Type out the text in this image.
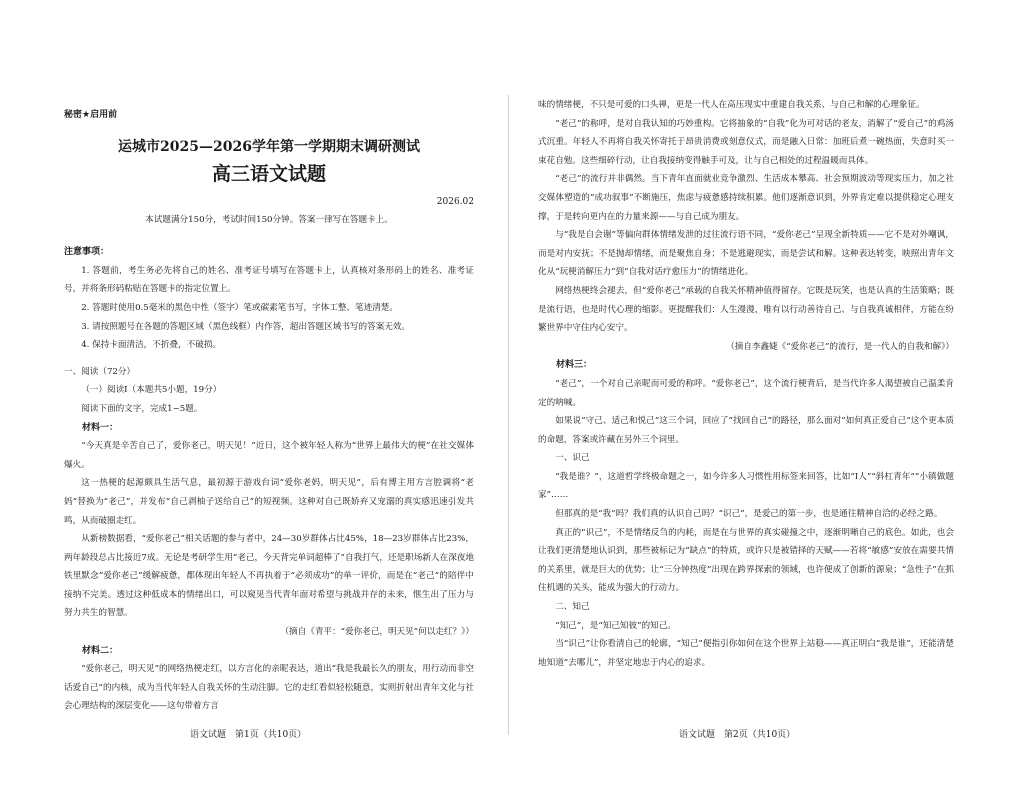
秘密★启用前
运城市2025—2026学年第一学期期末调研测试
高三语文试题
2026.02
本试题满分150分，考试时间150分钟。答案一律写在答题卡上。
注意事项：

1. 答题前，考生务必先将自己的姓名、准考证号填写在答题卡上，认真核对条形码上的姓名、准考证号，并将条形码粘贴在答题卡的指定位置上。

2. 答题时使用0.5毫米的黑色中性（签字）笔或碳素笔书写，字体工整、笔迹清楚。

3. 请按照题号在各题的答题区域（黑色线框）内作答，超出答题区域书写的答案无效。

4. 保持卡面清洁，不折叠，不破损。

一、阅读（72分）

（一）阅读Ⅰ（本题共5小题，19分）

阅读下面的文字，完成1~5题。

材料一：

“今天真是辛苦自己了，爱你老己，明天见！”近日，这个被年轻人称为“世界上最伟大的梗”在社交媒体爆火。

这一热梗的起源颇具生活气息，最初源于游戏台词“爱你老妈，明天见”，后有博主用方言腔调将“老妈”替换为“老己”，并发布“自己剥柚子送给自己”的短视频。这种对自己既娇弃又宠溺的真实感迅速引发共鸣，从而破圈走红。

从新榜数据看，“爱你老己”相关话题的参与者中，24—30岁群体占比45%，18—23岁群体占比23%，两年龄段总占比接近7成。无论是考研学生用“老己，今天背完单词超棒了”自我打气，还是职场新人在深夜地铁里默念“爱你老己”缓解疲惫，都体现出年轻人不再执着于“必须成功”的单一评价，而是在“老己”的陪伴中接纳不完美。透过这种低成本的情绪出口，可以窥见当代青年面对希望与挑战并存的未来，惬生出了压力与努力共生的智慧。

（摘自《青平：“爱你老己，明天见”何以走红？》）

材料二：

“爱你老己，明天见”的网络热梗走红，以方言化的亲昵表达，道出“我是我最长久的朋友，用行动而非空话爱自己”的内核，成为当代年轻人自我关怀的生动注脚。它的走红看似轻松随意，实则折射出青年文化与社会心理结构的深层变化——这句带着方言

语文试题　第1页（共10页）

味的情绪梗，不只是可爱的口头禅，更是一代人在高压现实中重建自我关系、与自己和解的心理象征。

“老己”的称呼，是对自我认知的巧妙重构。它将抽象的“自我”化为可对话的老友，消解了“爱自己”的鸡汤式沉重。年轻人不再将自我关怀寄托于昂贵消费或刻意仪式，而是融入日常：加班后煮一碗热面，失意时买一束花自勉。这些细碎行动，让自我接纳变得触手可及，让与自己相处的过程温暖而具体。

“老己”的流行并非偶然。当下青年直面就业竞争激烈、生活成本攀高、社会预期波动等现实压力，加之社交媒体塑造的“成功叙事”不断施压，焦虑与疲惫感持续积累。他们逐渐意识到，外界肯定难以提供稳定心理支撑，于是转向更内在的力量来源——与自己成为朋友。

与“我是自会谢”等偏向群体情绪发泄的过往流行语不同，“爱你老己”呈现全新特质——它不是对外嘲讽，而是对内安抚；不是抛却情绪，而是聚焦自身；不是逃避现实，而是尝试和解。这种表达转变，映照出青年文化从“玩梗消解压力”到“自我对话疗愈压力”的情绪进化。

网络热梗终会褪去，但“爱你老己”承载的自我关怀精神值得留存。它既是玩笑，也是认真的生活策略；既是流行语，也是时代心理的缩影。更提醒我们：人生漫漫，唯有以行动善待自己、与自我真诚相伴，方能在纷繁世界中守住内心安宁。

（摘自李鑫婕《“爱你老己”的流行，是一代人的自我和解》）

材料三：

“老己”，一个对自己亲昵而可爱的称呼。“爱你老己”，这个流行梗背后，是当代许多人渴望被自己温柔肯定的呐喊。

如果说“守己、适己和悦己”这三个词，回应了“找回自己”的路径，那么面对“如何真正爱自己”这个更本质的命题，答案或许藏在另外三个词里。

一、识己

“我是谁？”，这道哲学终极命题之一，如今许多人习惯性用标签来回答，比如“I人”“斜杠青年”“小镇做题家”……

但那真的是“我”吗？我们真的认识自己吗？“识己”，是爱己的第一步，也是通往精神自洽的必经之路。

真正的“识己”，不是情绪反刍的内耗，而是在与世界的真实碰撞之中，逐渐明晰自己的底色。如此，也会让我们更清楚地认识到，那些被标记为“缺点”的特质，或许只是被错择的天赋——若将“敏感”安放在需要共情的关系里，就是巨大的优势；让“三分钟热度”出现在跨界探索的领域，也许便成了创新的源泉；“急性子”在抓住机遇的关头，能成为强大的行动力。

二、知己

“知己”，是“知己知彼”的知己。

当“识己”让你看清自己的轮廓，“知己”便指引你如何在这个世界上站稳——真正明白“我是谁”，还能清楚地知道“去哪儿”，并坚定地忠于内心的追求。

语文试题　第2页（共10页）
